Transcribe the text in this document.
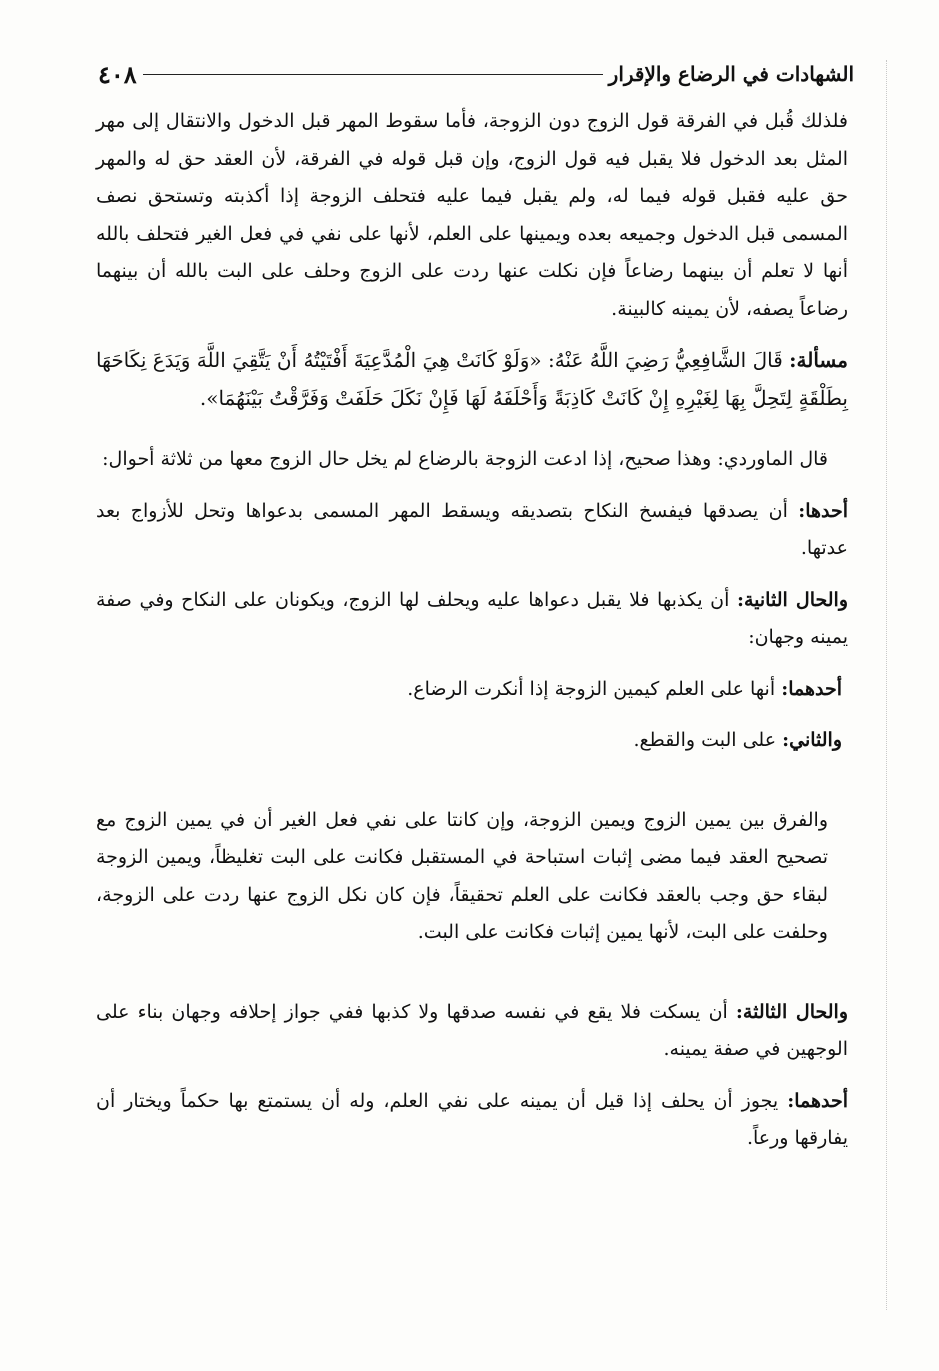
الشهادات في الرضاع والإقرار
٤٠٨

فلذلك قُبل في الفرقة قول الزوج دون الزوجة، فأما سقوط المهر قبل الدخول والانتقال إلى مهر المثل بعد الدخول فلا يقبل فيه قول الزوج، وإن قبل قوله في الفرقة، لأن العقد حق له والمهر حق عليه فقبل قوله فيما له، ولم يقبل فيما عليه فتحلف الزوجة إذا أكذبته وتستحق نصف المسمى قبل الدخول وجميعه بعده ويمينها على العلم، لأنها على نفي في فعل الغير فتحلف بالله أنها لا تعلم أن بينهما رضاعاً فإن نكلت عنها ردت على الزوج وحلف على البت بالله أن بينهما رضاعاً يصفه، لأن يمينه كالبينة.

مسألة: قَالَ الشَّافِعِيُّ رَضِيَ اللَّهُ عَنْهُ: «وَلَوْ كَانَتْ هِيَ الْمُدَّعِيَةَ أَفْتَيْتُهُ أَنْ يَتَّقِيَ اللَّهَ وَيَدَعَ نِكَاحَهَا بِطَلْقَةٍ لِتَحِلَّ بِهَا لِغَيْرِهِ إِنْ كَانَتْ كَاذِبَةً وَأَحْلَفَهُ لَهَا فَإِنْ نَكَلَ حَلَفَتْ وَفَرَّقْتُ بَيْنَهُمَا».

قال الماوردي: وهذا صحيح، إذا ادعت الزوجة بالرضاع لم يخل حال الزوج معها من ثلاثة أحوال:

أحدها: أن يصدقها فيفسخ النكاح بتصديقه ويسقط المهر المسمى بدعواها وتحل للأزواج بعد عدتها.

والحال الثانية: أن يكذبها فلا يقبل دعواها عليه ويحلف لها الزوج، ويكونان على النكاح وفي صفة يمينه وجهان:

أحدهما: أنها على العلم كيمين الزوجة إذا أنكرت الرضاع.

والثاني: على البت والقطع.

والفرق بين يمين الزوج ويمين الزوجة، وإن كانتا على نفي فعل الغير أن في يمين الزوج مع تصحيح العقد فيما مضى إثبات استباحة في المستقبل فكانت على البت تغليظاً، ويمين الزوجة لبقاء حق وجب بالعقد فكانت على العلم تحقيقاً، فإن كان نكل الزوج عنها ردت على الزوجة، وحلفت على البت، لأنها يمين إثبات فكانت على البت.

والحال الثالثة: أن يسكت فلا يقع في نفسه صدقها ولا كذبها ففي جواز إحلافه وجهان بناء على الوجهين في صفة يمينه.

أحدهما: يجوز أن يحلف إذا قيل أن يمينه على نفي العلم، وله أن يستمتع بها حكماً ويختار أن يفارقها ورعاً.
